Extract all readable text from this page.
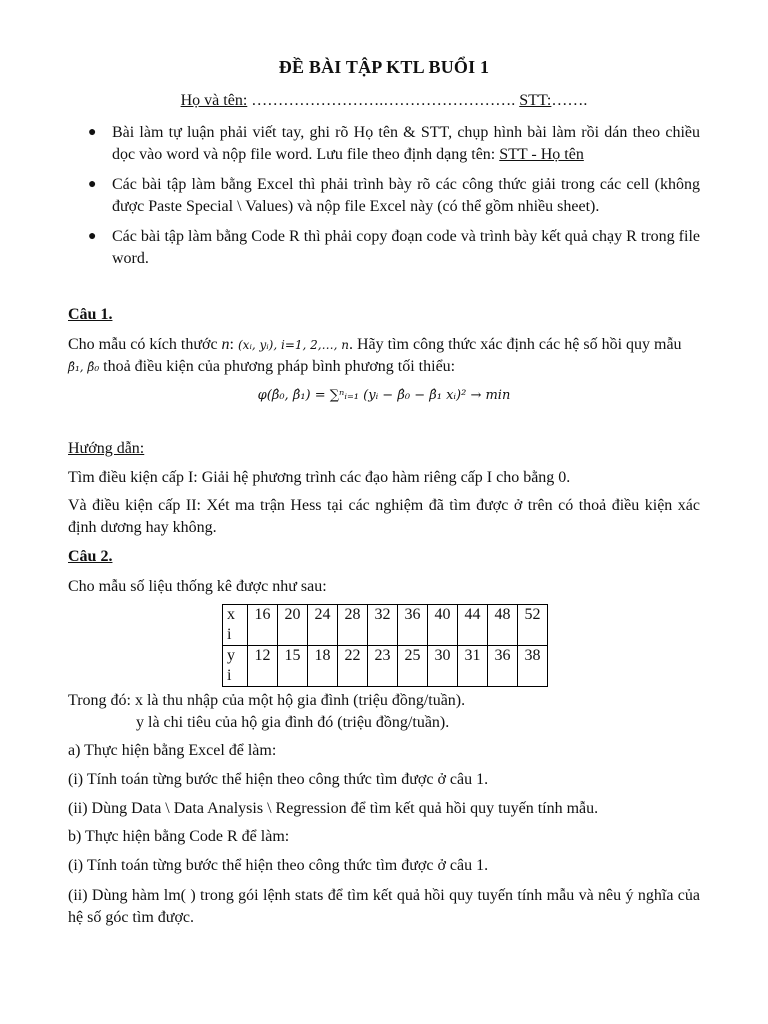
ĐỀ BÀI TẬP KTL BUỔI 1
Họ và tên: …………………….……………………. STT:…….
● Bài làm tự luận phải viết tay, ghi rõ Họ tên & STT, chụp hình bài làm rồi dán theo chiều dọc vào word và nộp file word. Lưu file theo định dạng tên: STT - Họ tên
● Các bài tập làm bằng Excel thì phải trình bày rõ các công thức giải trong các cell (không được Paste Special \ Values) và nộp file Excel này (có thể gồm nhiều sheet).
● Các bài tập làm bằng Code R thì phải copy đoạn code và trình bày kết quả chạy R trong file word.
Câu 1.
Cho mẫu có kích thước n: (xᵢ, yᵢ), i=1, 2,…, n. Hãy tìm công thức xác định các hệ số hồi quy mẫu
β̂₁, β̂₀ thoả điều kiện của phương pháp bình phương tối thiểu:
φ(β̂₀, β̂₁) = ∑ⁿᵢ₌₁ (yᵢ − β̂₀ − β̂₁ xᵢ)² → min
Hướng dẫn:
Tìm điều kiện cấp I: Giải hệ phương trình các đạo hàm riêng cấp I cho bằng 0.
Và điều kiện cấp II: Xét ma trận Hess tại các nghiệm đã tìm được ở trên có thoả điều kiện xác định dương hay không.
Câu 2.
Cho mẫu số liệu thống kê được như sau:
x
i	16	20	24	28	32	36	40	44	48	52
y
i	12	15	18	22	23	25	30	31	36	38
Trong đó: x là thu nhập của một hộ gia đình (triệu đồng/tuần).
y là chi tiêu của hộ gia đình đó (triệu đồng/tuần).
a) Thực hiện bằng Excel để làm:
(i) Tính toán từng bước thể hiện theo công thức tìm được ở câu 1.
(ii) Dùng Data \ Data Analysis \ Regression để tìm kết quả hồi quy tuyến tính mẫu.
b) Thực hiện bằng Code R để làm:
(i) Tính toán từng bước thể hiện theo công thức tìm được ở câu 1.
(ii) Dùng hàm lm( ) trong gói lệnh stats để tìm kết quả hồi quy tuyến tính mẫu và nêu ý nghĩa của hệ số góc tìm được.
